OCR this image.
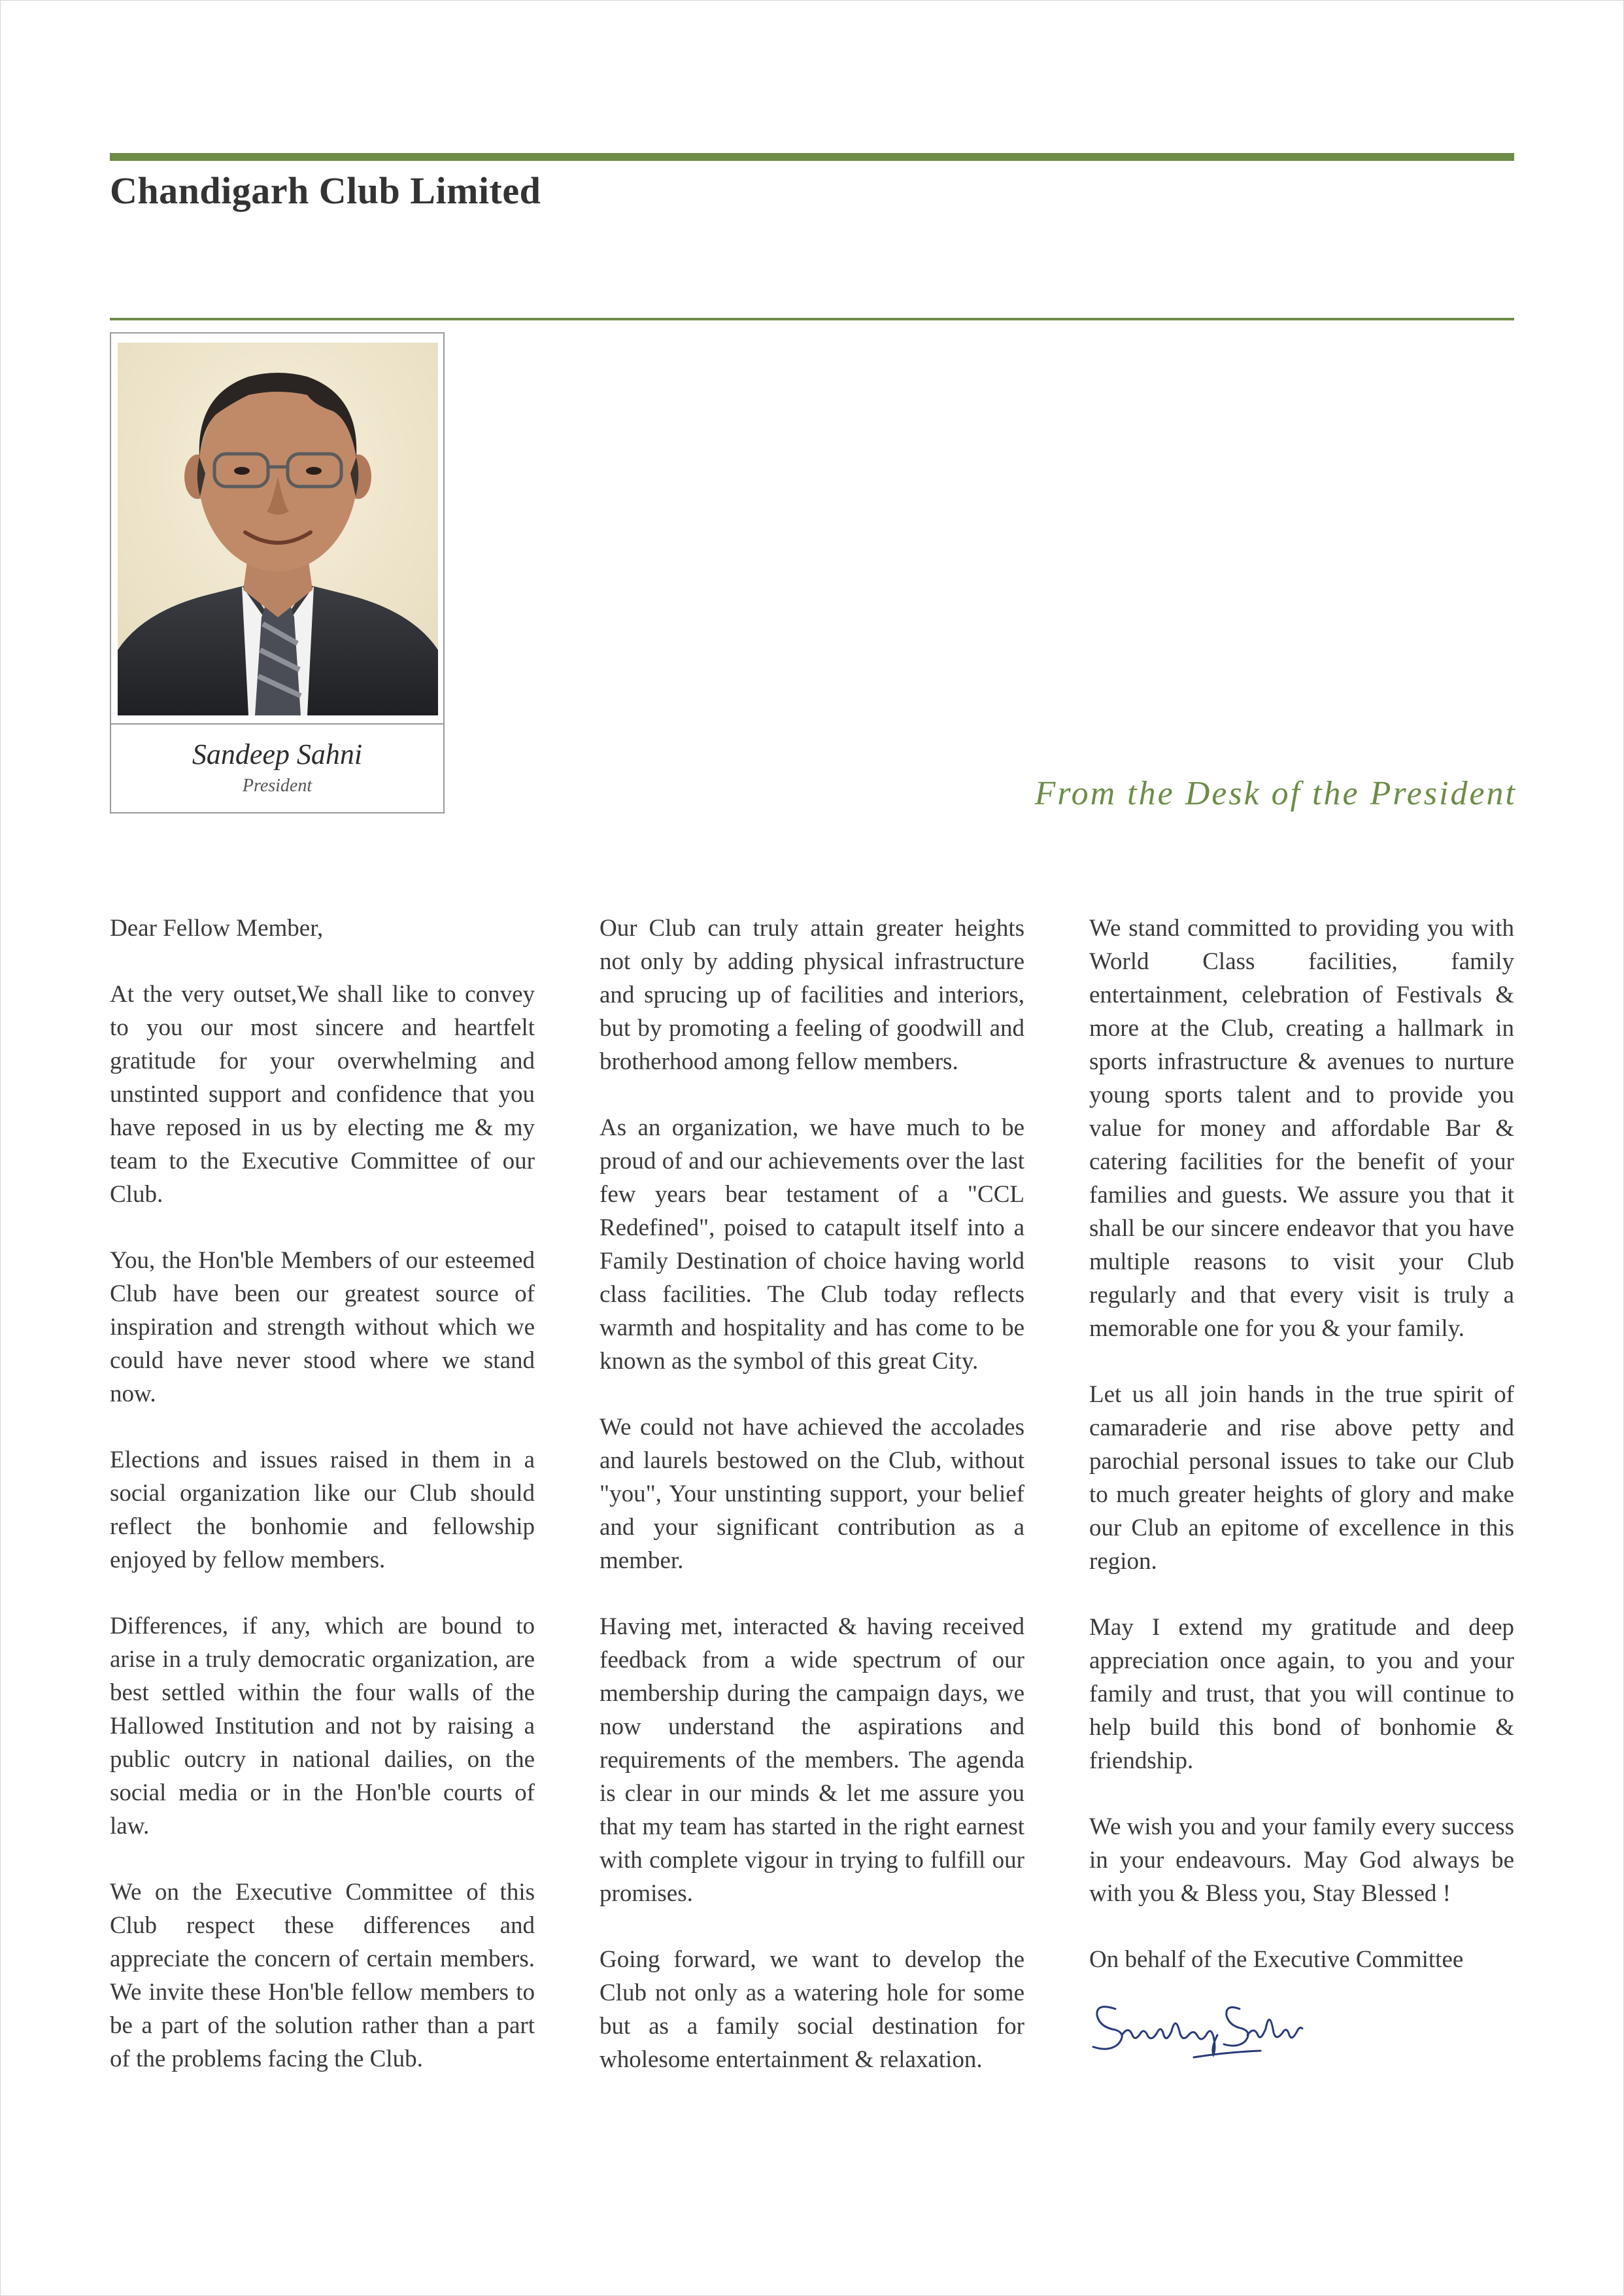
Chandigarh Club Limited
Sandeep Sahni
President	From the Desk of the President

Dear Fellow Member,

At the very outset,We shall like to convey to you our most sincere and heartfelt gratitude for your overwhelming and unstinted support and confidence that you have reposed in us by electing me & my team to the Executive Committee of our Club.

You, the Hon'ble Members of our esteemed Club have been our greatest source of inspiration and strength without which we could have never stood where we stand now.

Elections and issues raised in them in a social organization like our Club should reflect the bonhomie and fellowship enjoyed by fellow members.

Differences, if any, which are bound to arise in a truly democratic organization, are best settled within the four walls of the Hallowed Institution and not by raising a public outcry in national dailies, on the social media or in the Hon'ble courts of law.

We on the Executive Committee of this Club respect these differences and appreciate the concern of certain members. We invite these Hon'ble fellow members to be a part of the solution rather than a part of the problems facing the Club.

Our Club can truly attain greater heights not only by adding physical infrastructure and sprucing up of facilities and interiors, but by promoting a feeling of goodwill and brotherhood among fellow members.

As an organization, we have much to be proud of and our achievements over the last few years bear testament of a "CCL Redefined", poised to catapult itself into a Family Destination of choice having world class facilities. The Club today reflects warmth and hospitality and has come to be known as the symbol of this great City.

We could not have achieved the accolades and laurels bestowed on the Club, without "you", Your unstinting support, your belief and your significant contribution as a member.

Having met, interacted & having received feedback from a wide spectrum of our membership during the campaign days, we now understand the aspirations and requirements of the members. The agenda is clear in our minds & let me assure you that my team has started in the right earnest with complete vigour in trying to fulfill our promises.

Going forward, we want to develop the Club not only as a watering hole for some but as a family social destination for wholesome entertainment & relaxation.

We stand committed to providing you with World Class facilities, family entertainment, celebration of Festivals & more at the Club, creating a hallmark in sports infrastructure & avenues to nurture young sports talent and to provide you value for money and affordable Bar & catering facilities for the benefit of your families and guests. We assure you that it shall be our sincere endeavor that you have multiple reasons to visit your Club regularly and that every visit is truly a memorable one for you & your family.

Let us all join hands in the true spirit of camaraderie and rise above petty and parochial personal issues to take our Club to much greater heights of glory and make our Club an epitome of excellence in this region.

May I extend my gratitude and deep appreciation once again, to you and your family and trust, that you will continue to help build this bond of bonhomie & friendship.

We wish you and your family every success in your endeavours. May God always be with you & Bless you, Stay Blessed !

On behalf of the Executive Committee
